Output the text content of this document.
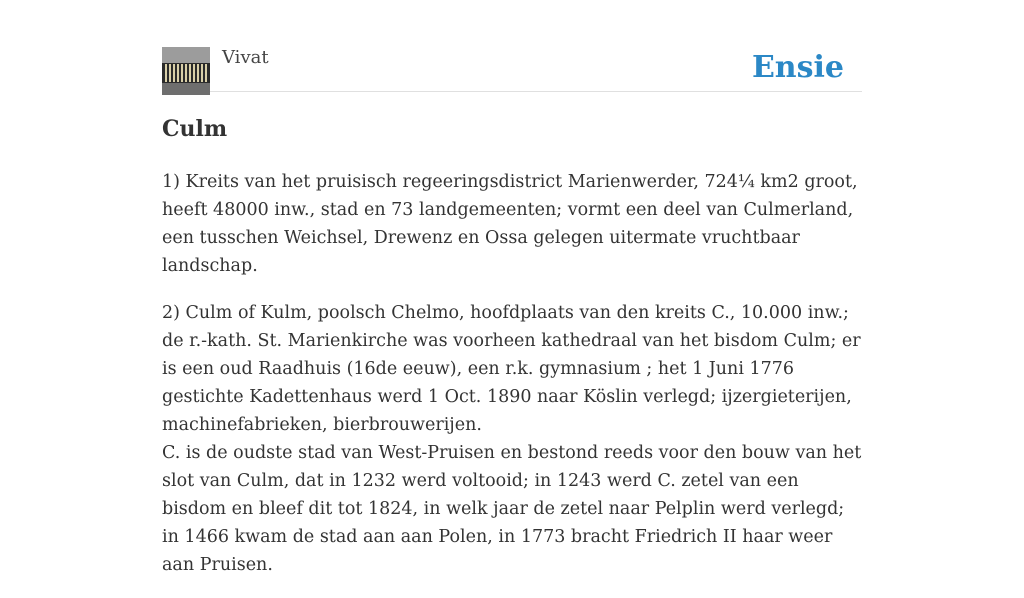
Vivat	Ensie
Culm

1) Kreits van het pruisisch regeeringsdistrict Marienwerder, 724¼ km2 groot, heeft 48000 inw., stad en 73 landgemeenten; vormt een deel van Culmerland, een tusschen Weichsel, Drewenz en Ossa gelegen uitermate vruchtbaar landschap.

2) Culm of Kulm, poolsch Chelmo, hoofdplaats van den kreits C., 10.000 inw.; de r.-kath. St. Marienkirche was voorheen kathedraal van het bisdom Culm; er is een oud Raadhuis (16de eeuw), een r.k. gymnasium ; het 1 Juni 1776 gestichte Kadettenhaus werd 1 Oct. 1890 naar Köslin verlegd; ijzergieterijen, machinefabrieken, bierbrouwerijen.

C. is de oudste stad van West-Pruisen en bestond reeds voor den bouw van het slot van Culm, dat in 1232 werd voltooid; in 1243 werd C. zetel van een bisdom en bleef dit tot 1824, in welk jaar de zetel naar Pelplin werd verlegd; in 1466 kwam de stad aan aan Polen, in 1773 bracht Friedrich II haar weer aan Pruisen.
